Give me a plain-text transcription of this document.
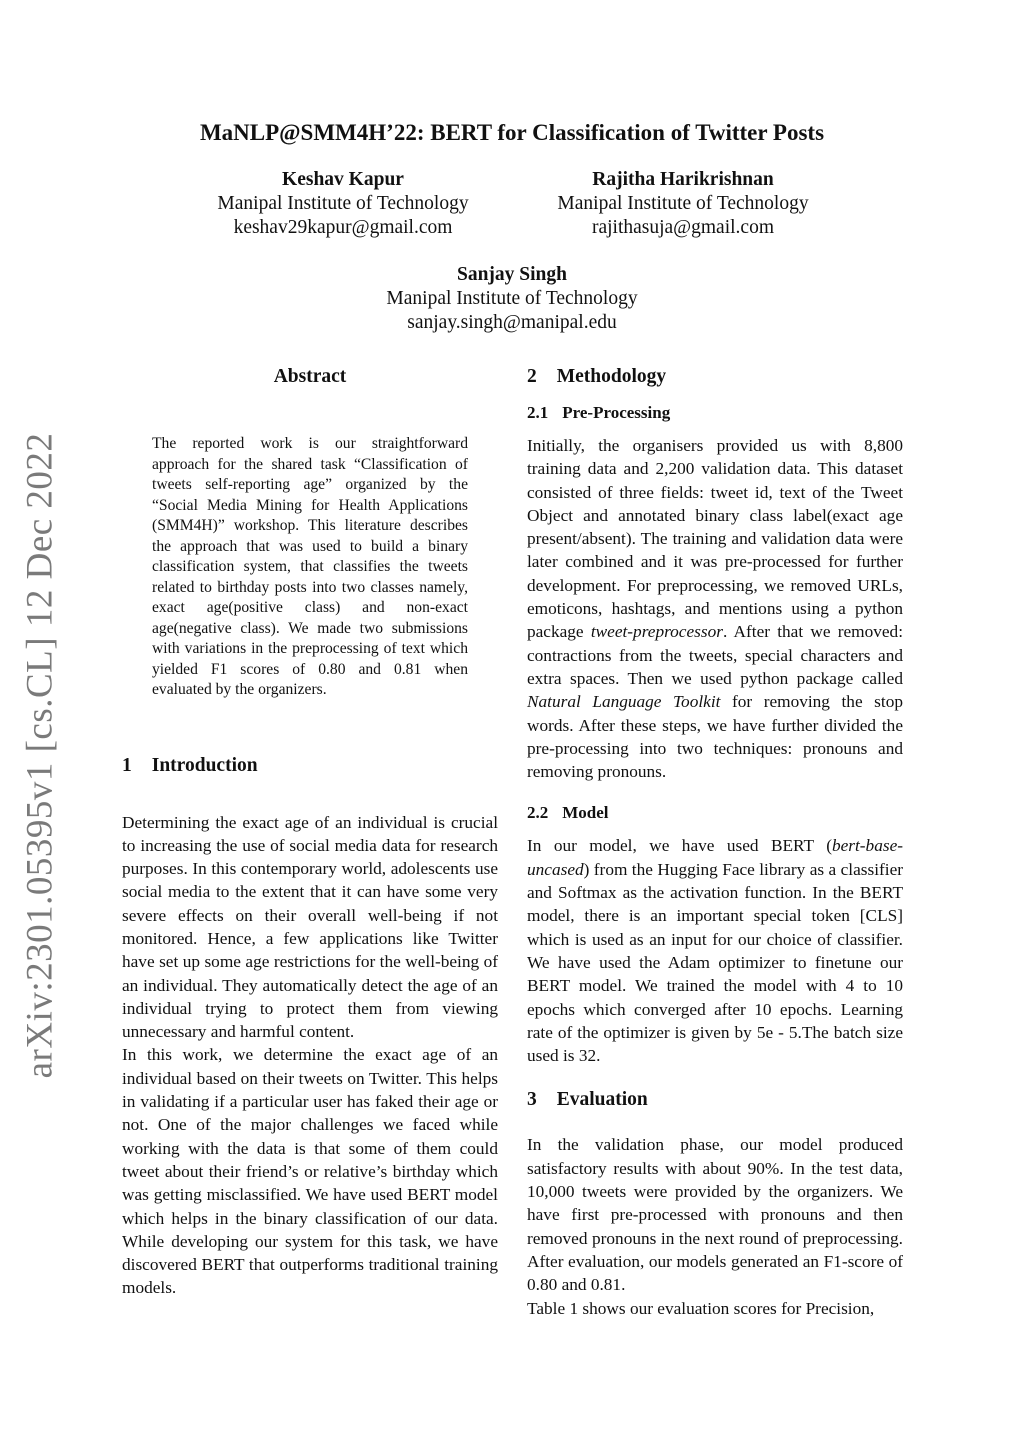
arXiv:2301.05395v1 [cs.CL] 12 Dec 2022
MaNLP@SMM4H’22: BERT for Classification of Twitter Posts
Keshav Kapur
Manipal Institute of Technology
keshav29kapur@gmail.com
Rajitha Harikrishnan
Manipal Institute of Technology
rajithasuja@gmail.com
Sanjay Singh
Manipal Institute of Technology
sanjay.singh@manipal.edu
Abstract

The reported work is our straightforward approach for the shared task “Classification of tweets self-reporting age” organized by the “Social Media Mining for Health Applications (SMM4H)” workshop. This literature describes the approach that was used to build a binary classification system, that classifies the tweets related to birthday posts into two classes namely, exact age(positive class) and non-exact age(negative class). We made two submissions with variations in the preprocessing of text which yielded F1 scores of 0.80 and 0.81 when evaluated by the organizers.

1 Introduction

Determining the exact age of an individual is crucial to increasing the use of social media data for research purposes. In this contemporary world, adolescents use social media to the extent that it can have some very severe effects on their overall well-being if not monitored. Hence, a few applications like Twitter have set up some age restrictions for the well-being of an individual. They automatically detect the age of an individual trying to protect them from viewing unnecessary and harmful content.

In this work, we determine the exact age of an individual based on their tweets on Twitter. This helps in validating if a particular user has faked their age or not. One of the major challenges we faced while working with the data is that some of them could tweet about their friend’s or relative’s birthday which was getting misclassified. We have used BERT model which helps in the binary classification of our data. While developing our system for this task, we have discovered BERT that outperforms traditional training models.

2 Methodology
2.1 Pre-Processing

Initially, the organisers provided us with 8,800 training data and 2,200 validation data. This dataset consisted of three fields: tweet id, text of the Tweet Object and annotated binary class label(exact age present/absent). The training and validation data were later combined and it was pre-processed for further development. For preprocessing, we removed URLs, emoticons, hashtags, and mentions using a python package tweet-preprocessor. After that we removed: contractions from the tweets, special characters and extra spaces. Then we used python package called Natural Language Toolkit for removing the stop words. After these steps, we have further divided the pre-processing into two techniques: pronouns and removing pronouns.

2.2 Model

In our model, we have used BERT (bert-base-uncased) from the Hugging Face library as a classifier and Softmax as the activation function. In the BERT model, there is an important special token [CLS] which is used as an input for our choice of classifier. We have used the Adam optimizer to finetune our BERT model. We trained the model with 4 to 10 epochs which converged after 10 epochs. Learning rate of the optimizer is given by 5e - 5.The batch size used is 32.

3 Evaluation

In the validation phase, our model produced satisfactory results with about 90%. In the test data, 10,000 tweets were provided by the organizers. We have first pre-processed with pronouns and then removed pronouns in the next round of preprocessing. After evaluation, our models generated an F1-score of 0.80 and 0.81.

Table 1 shows our evaluation scores for Precision,
